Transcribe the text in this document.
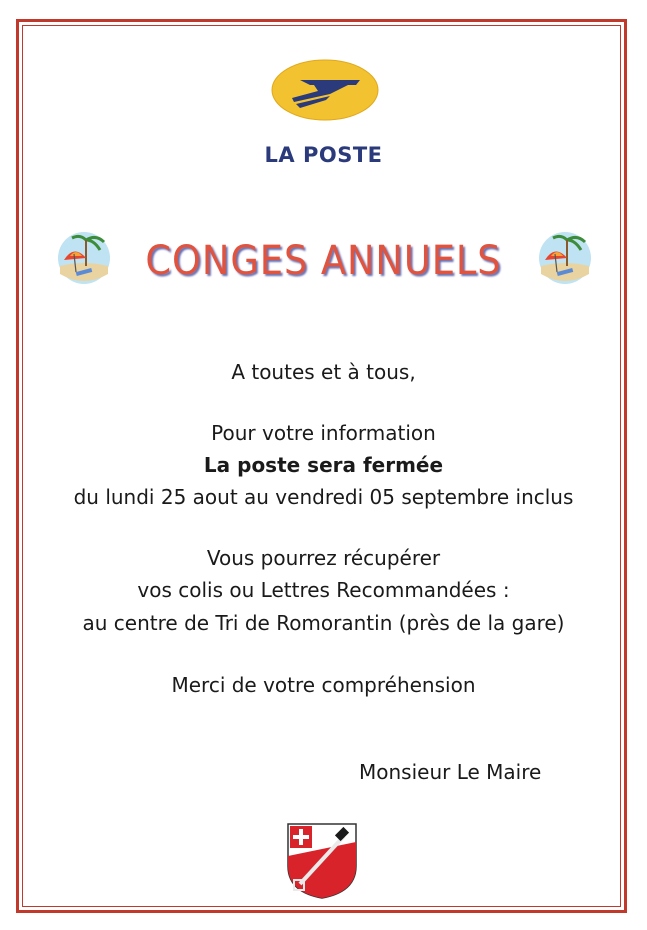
LA POSTE
CONGES ANNUELS
A toutes et à tous,
Pour votre information
La poste sera fermée
du lundi 25 aout au vendredi 05 septembre inclus
Vous pourrez récupérer
vos colis ou Lettres Recommandées :
au centre de Tri de Romorantin (près de la gare)
Merci de votre compréhension
Monsieur Le Maire
